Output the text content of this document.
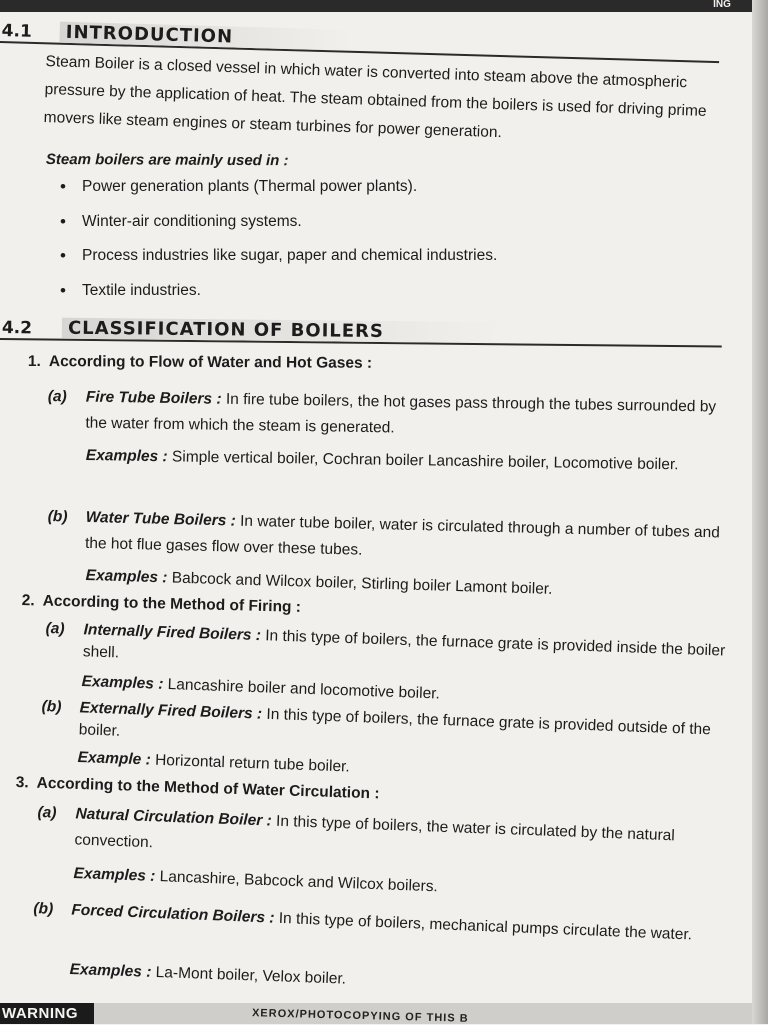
ING
4.1	INTRODUCTION
Steam Boiler is a closed vessel in which water is converted into steam above the atmospheric pressure by the application of heat. The steam obtained from the boilers is used for driving prime movers like steam engines or steam turbines for power generation.
Steam boilers are mainly used in :
• Power generation plants (Thermal power plants).
• Winter-air conditioning systems.
• Process industries like sugar, paper and chemical industries.
• Textile industries.
4.2	CLASSIFICATION OF BOILERS
1. According to Flow of Water and Hot Gases :
(a) Fire Tube Boilers : In fire tube boilers, the hot gases pass through the tubes surrounded by the water from which the steam is generated.
Examples : Simple vertical boiler, Cochran boiler Lancashire boiler, Locomotive boiler.
(b) Water Tube Boilers : In water tube boiler, water is circulated through a number of tubes and the hot flue gases flow over these tubes.
Examples : Babcock and Wilcox boiler, Stirling boiler Lamont boiler.
2. According to the Method of Firing :
(a) Internally Fired Boilers : In this type of boilers, the furnace grate is provided inside the boiler shell.
Examples : Lancashire boiler and locomotive boiler.
(b) Externally Fired Boilers : In this type of boilers, the furnace grate is provided outside of the boiler.
Example : Horizontal return tube boiler.
3. According to the Method of Water Circulation :
(a) Natural Circulation Boiler : In this type of boilers, the water is circulated by the natural convection.
Examples : Lancashire, Babcock and Wilcox boilers.
(b) Forced Circulation Boilers : In this type of boilers, mechanical pumps circulate the water.
Examples : La-Mont boiler, Velox boiler.
WARNING	XEROX/PHOTOCOPYING OF THIS B
